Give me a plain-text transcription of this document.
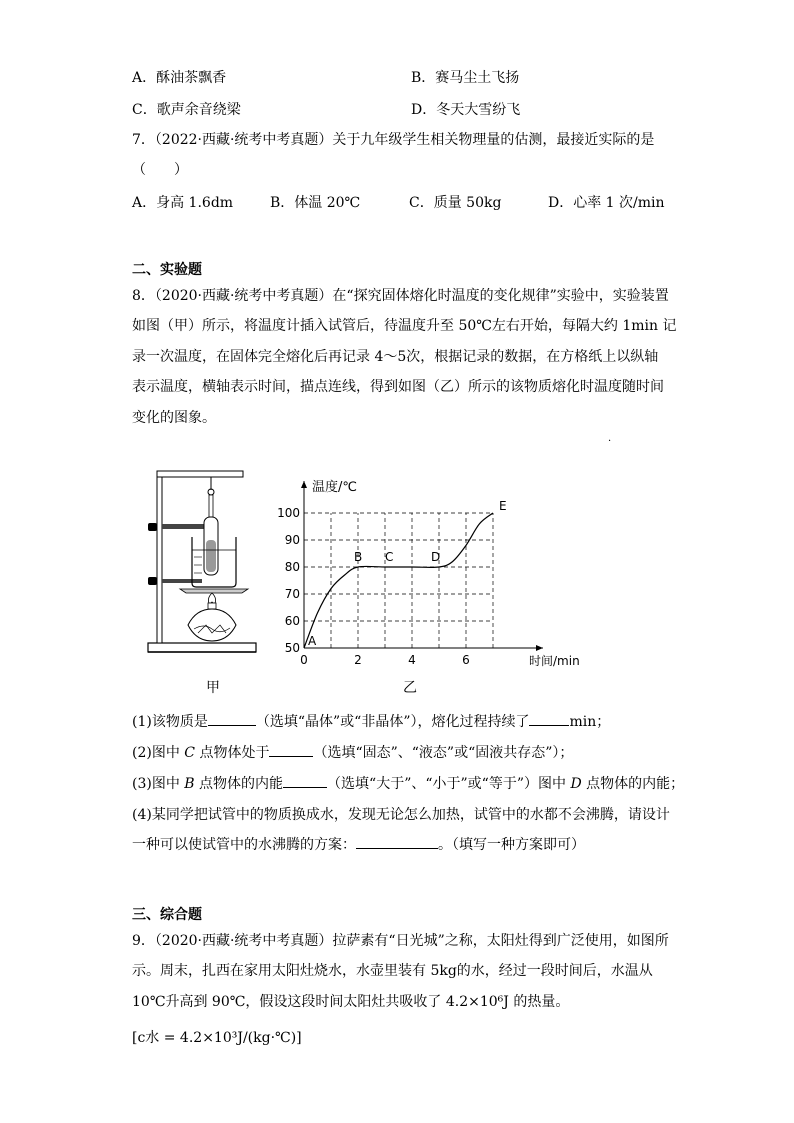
A．酥油茶飘香	B．赛马尘土飞扬
C．歌声余音绕梁	D．冬天大雪纷飞
7．（2022·西藏·统考中考真题）关于九年级学生相关物理量的估测，最接近实际的是
（　　）
A．身高 1.6dm	B．体温 20℃	C．质量 50kg	D．心率 1 次/min
二、实验题
8．（2020·西藏·统考中考真题）在“探究固体熔化时温度的变化规律”实验中，实验装置
如图（甲）所示，将温度计插入试管后，待温度升至 50℃左右开始，每隔大约 1min 记
录一次温度，在固体完全熔化后再记录 4～5次，根据记录的数据，在方格纸上以纵轴
表示温度，横轴表示时间，描点连线，得到如图（乙）所示的该物质熔化时温度随时间
变化的图象。
·
甲
0	2	4	6
50
60
70
80
90
100
A
B C	D
E
温度/℃
时间/min
乙
(1)该物质是	（选填“晶体”或“非晶体”），熔化过程持续了	min；
(2)图中 C 点物体处于	（选填“固态”、“液态”或“固液共存态”）；
(3)图中 B 点物体的内能	（选填“大于”、“小于”或“等于”）图中 D 点物体的内能；
(4)某同学把试管中的物质换成水，发现无论怎么加热，试管中的水都不会沸腾，请设计
一种可以使试管中的水沸腾的方案：	。（填写一种方案即可）
三、综合题
9．（2020·西藏·统考中考真题）拉萨素有“日光城”之称，太阳灶得到广泛使用，如图所
示。周末，扎西在家用太阳灶烧水，水壶里装有 5kg的水，经过一段时间后，水温从
10℃升高到 90℃，假设这段时间太阳灶共吸收了 4.2×10⁶J 的热量。
[c水 = 4.2×10³J/(kg·℃)]
